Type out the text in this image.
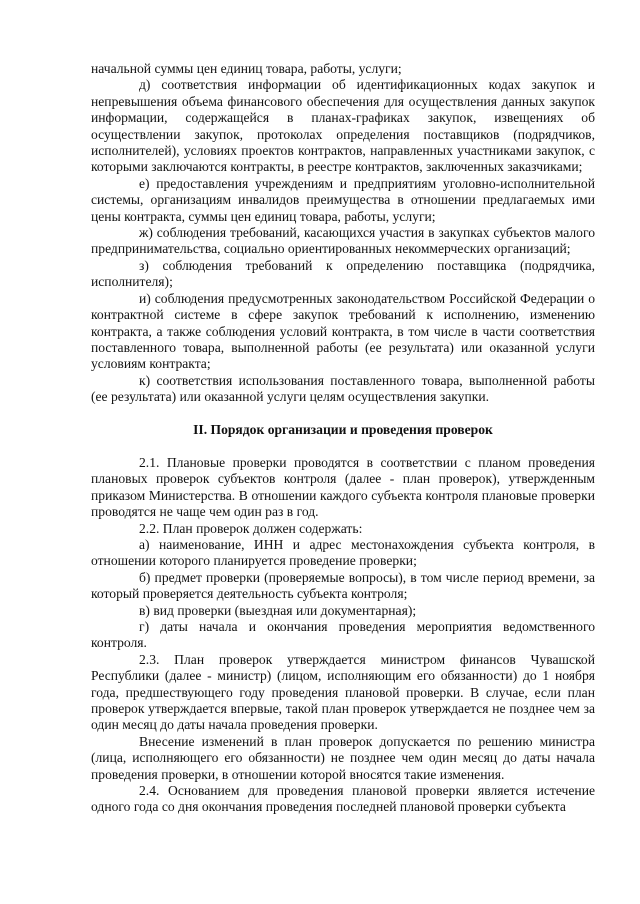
начальной суммы цен единиц товара, работы, услуги;

д) соответствия информации об идентификационных кодах закупок и непревышения объема финансового обеспечения для осуществления данных закупок информации, содержащейся в планах-графиках закупок, извещениях об осуществлении закупок, протоколах определения поставщиков (подрядчиков, исполнителей), условиях проектов контрактов, направленных участниками закупок, с которыми заключаются контракты, в реестре контрактов, заключенных заказчиками;

е) предоставления учреждениям и предприятиям уголовно-исполнительной системы, организациям инвалидов преимущества в отношении предлагаемых ими цены контракта, суммы цен единиц товара, работы, услуги;

ж) соблюдения требований, касающихся участия в закупках субъектов малого предпринимательства, социально ориентированных некоммерческих организаций;

з) соблюдения требований к определению поставщика (подрядчика, исполнителя);

и) соблюдения предусмотренных законодательством Российской Федерации о контрактной системе в сфере закупок требований к исполнению, изменению контракта, а также соблюдения условий контракта, в том числе в части соответствия поставленного товара, выполненной работы (ее результата) или оказанной услуги условиям контракта;

к) соответствия использования поставленного товара, выполненной работы (ее результата) или оказанной услуги целям осуществления закупки.

II. Порядок организации и проведения проверок

2.1. Плановые проверки проводятся в соответствии с планом проведения плановых проверок субъектов контроля (далее - план проверок), утвержденным приказом Министерства. В отношении каждого субъекта контроля плановые проверки проводятся не чаще чем один раз в год.

2.2. План проверок должен содержать:

а) наименование, ИНН и адрес местонахождения субъекта контроля, в отношении которого планируется проведение проверки;

б) предмет проверки (проверяемые вопросы), в том числе период времени, за который проверяется деятельность субъекта контроля;

в) вид проверки (выездная или документарная);

г) даты начала и окончания проведения мероприятия ведомственного контроля.

2.3. План проверок утверждается министром финансов Чувашской Республики (далее - министр) (лицом, исполняющим его обязанности) до 1 ноября года, предшествующего году проведения плановой проверки. В случае, если план проверок утверждается впервые, такой план проверок утверждается не позднее чем за один месяц до даты начала проведения проверки.

Внесение изменений в план проверок допускается по решению министра (лица, исполняющего его обязанности) не позднее чем один месяц до даты начала проведения проверки, в отношении которой вносятся такие изменения.

2.4. Основанием для проведения плановой проверки является истечение одного года со дня окончания проведения последней плановой проверки субъекта
